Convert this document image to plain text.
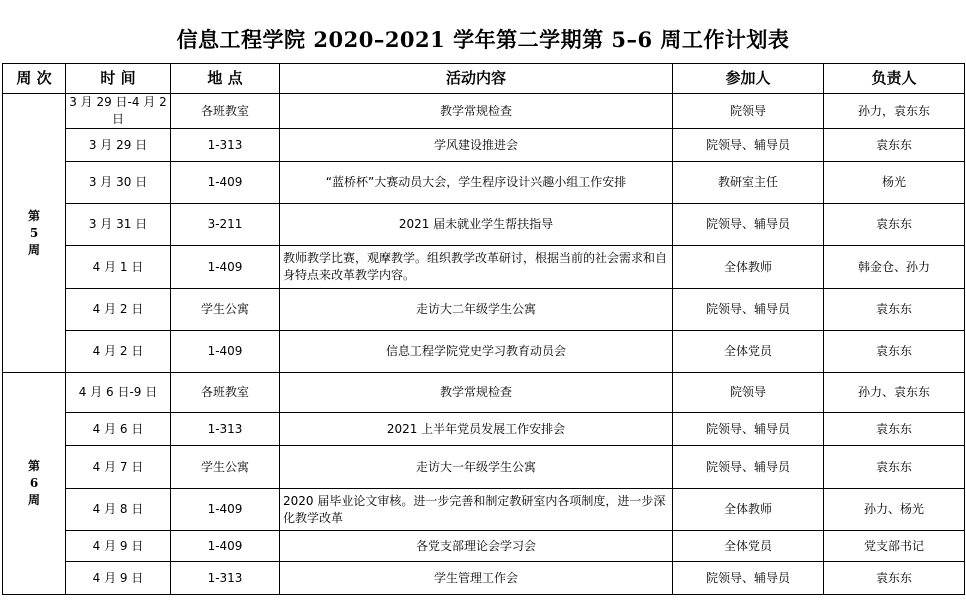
信息工程学院 2020–2021 学年第二学期第 5–6 周工作计划表
周 次	时 间	地 点	活动内容	参加人	负责人

第
5
周	3 月 29 日-4 月 2 日	各班教室	教学常规检查	院领导	孙力，袁东东
	3 月 29 日	1-313	学风建设推进会	院领导、辅导员	袁东东
	3 月 30 日	1-409	“蓝桥杯”大赛动员大会，学生程序设计兴趣小组工作安排	教研室主任	杨光
	3 月 31 日	3-211	2021 届未就业学生帮扶指导	院领导、辅导员	袁东东
	4 月 1 日	1-409	教师教学比赛，观摩教学。组织教学改革研讨，根据当前的社会需求和自身特点来改革教学内容。	全体教师	韩金仓、孙力
	4 月 2 日	学生公寓	走访大二年级学生公寓	院领导、辅导员	袁东东
	4 月 2 日	1-409	信息工程学院党史学习教育动员会	全体党员	袁东东

第
6
周	4 月 6 日-9 日	各班教室	教学常规检查	院领导	孙力、袁东东
	4 月 6 日	1-313	2021 上半年党员发展工作安排会	院领导、辅导员	袁东东
	4 月 7 日	学生公寓	走访大一年级学生公寓	院领导、辅导员	袁东东
	4 月 8 日	1-409	2020 届毕业论文审核。进一步完善和制定教研室内各项制度，进一步深化教学改革	全体教师	孙力、杨光
	4 月 9 日	1-409	各党支部理论会学习会	全体党员	党支部书记
	4 月 9 日	1-313	学生管理工作会	院领导、辅导员	袁东东
